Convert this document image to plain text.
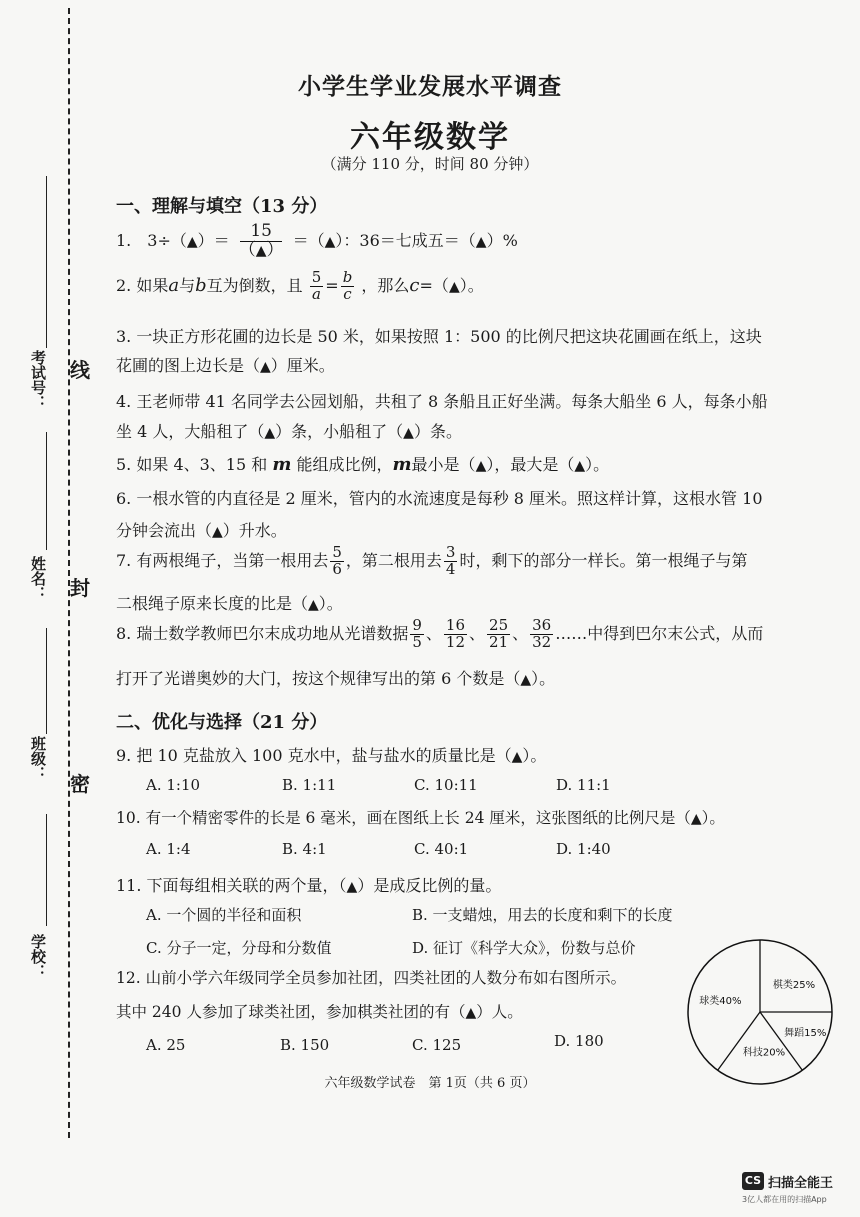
考试号：
姓名：
班级：
学校：
线
封
密
小学生学业发展水平调查
六年级数学
（满分 110 分，时间 80 分钟）
一、理解与填空（13 分）
1.　3÷（▲）＝ $\frac{15}{(▲)}$ ＝（▲）：36＝七成五＝（▲）%
2. 如果a与b互为倒数，且 $\frac{5}{a} = \frac{b}{c}$ ，那么c=（▲）。
3. 一块正方形花圃的边长是 50 米，如果按照 1：500 的比例尺把这块花圃画在纸上，这块
花圃的图上边长是（▲）厘米。
4. 王老师带 41 名同学去公园划船，共租了 8 条船且正好坐满。每条大船坐 6 人，每条小船
坐 4 人，大船租了（▲）条，小船租了（▲）条。
5. 如果 4、3、15 和 m 能组成比例，m最小是（▲），最大是（▲）。
6. 一根水管的内直径是 2 厘米，管内的水流速度是每秒 8 厘米。照这样计算，这根水管 10
分钟会流出（▲）升水。
7. 有两根绳子，当第一根用去 $\frac{5}{6}$ ，第二根用去 $\frac{3}{4}$ 时，剩下的部分一样长。第一根绳子与第
二根绳子原来长度的比是（▲）。
8. 瑞士数学教师巴尔末成功地从光谱数据 $\frac{9}{5}$ 、 $\frac{16}{12}$ 、 $\frac{25}{21}$ 、 $\frac{36}{32}$ ……中得到巴尔末公式，从而
打开了光谱奥妙的大门，按这个规律写出的第 6 个数是（▲）。
二、优化与选择（21 分）
9. 把 10 克盐放入 100 克水中，盐与盐水的质量比是（▲）。
A. 1:10	B. 1:11	C. 10:11	D. 11:1
10. 有一个精密零件的长是 6 毫米，画在图纸上长 24 厘米，这张图纸的比例尺是（▲）。
A. 1:4	B. 4:1	C. 40:1	D. 1:40
11. 下面每组相关联的两个量，（▲）是成反比例的量。
A. 一个圆的半径和面积	B. 一支蜡烛，用去的长度和剩下的长度
C. 分子一定，分母和分数值	D. 征订《科学大众》，份数与总价
12. 山前小学六年级同学全员参加社团，四类社团的人数分布如右图所示。
其中 240 人参加了球类社团，参加棋类社团的有（▲）人。
A. 25	B. 150	C. 125	D. 180
棋类25%
舞蹈15%
科技20%
球类40%
六年级数学试卷　第 1页（共 6 页）
CS 扫描全能王
3亿人都在用的扫描App
